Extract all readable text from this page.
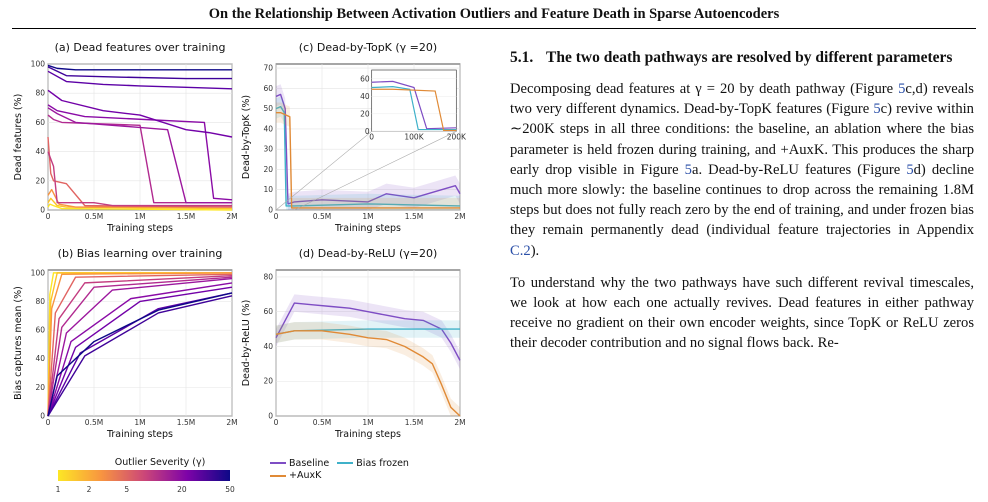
On the Relationship Between Activation Outliers and Feature Death in Sparse Autoencoders
(a) Dead features over training
0
20
40
60
80
100
0	0.5M	1M	1.5M	2M
Training steps
Dead features (%)
(c) Dead-by-TopK (γ =20)
0
10
20
30
40
50
60
70
0	0.5M	1M	1.5M	2M
Training steps
Dead-by-TopK (%)	0
20
40
60
0	100K	200K
(b) Bias learning over training
0
20
40
60
80
100
0	0.5M	1M	1.5M	2M
Training steps
Bias captures mean (%)
(d) Dead-by-ReLU (γ=20)
0
20
40
60
80
0	0.5M	1M	1.5M	2M
Training steps
Dead-by-ReLU (%)
Outlier Severity (γ)
1	2	5	20	50
Baseline	Bias frozen
+AuxK
5.1. The two death pathways are resolved by different parameters

Decomposing dead features at γ = 20 by death pathway (Figure 5c,d) reveals two very different dynamics. Dead-by-TopK features (Figure 5c) revive within ∼200K steps in all three conditions: the baseline, an ablation where the bias parameter is held frozen during training, and +AuxK. This produces the sharp early drop visible in Figure 5a. Dead-by-ReLU features (Figure 5d) decline much more slowly: the baseline continues to drop across the remaining 1.8M steps but does not fully reach zero by the end of training, and under frozen bias they remain permanently dead (individual feature trajectories in Appendix C.2).

To understand why the two pathways have such different revival timescales, we look at how each one actually revives. Dead features in either pathway receive no gradient on their own encoder weights, since TopK or ReLU zeros their decoder contribution and no signal flows back. Re-
